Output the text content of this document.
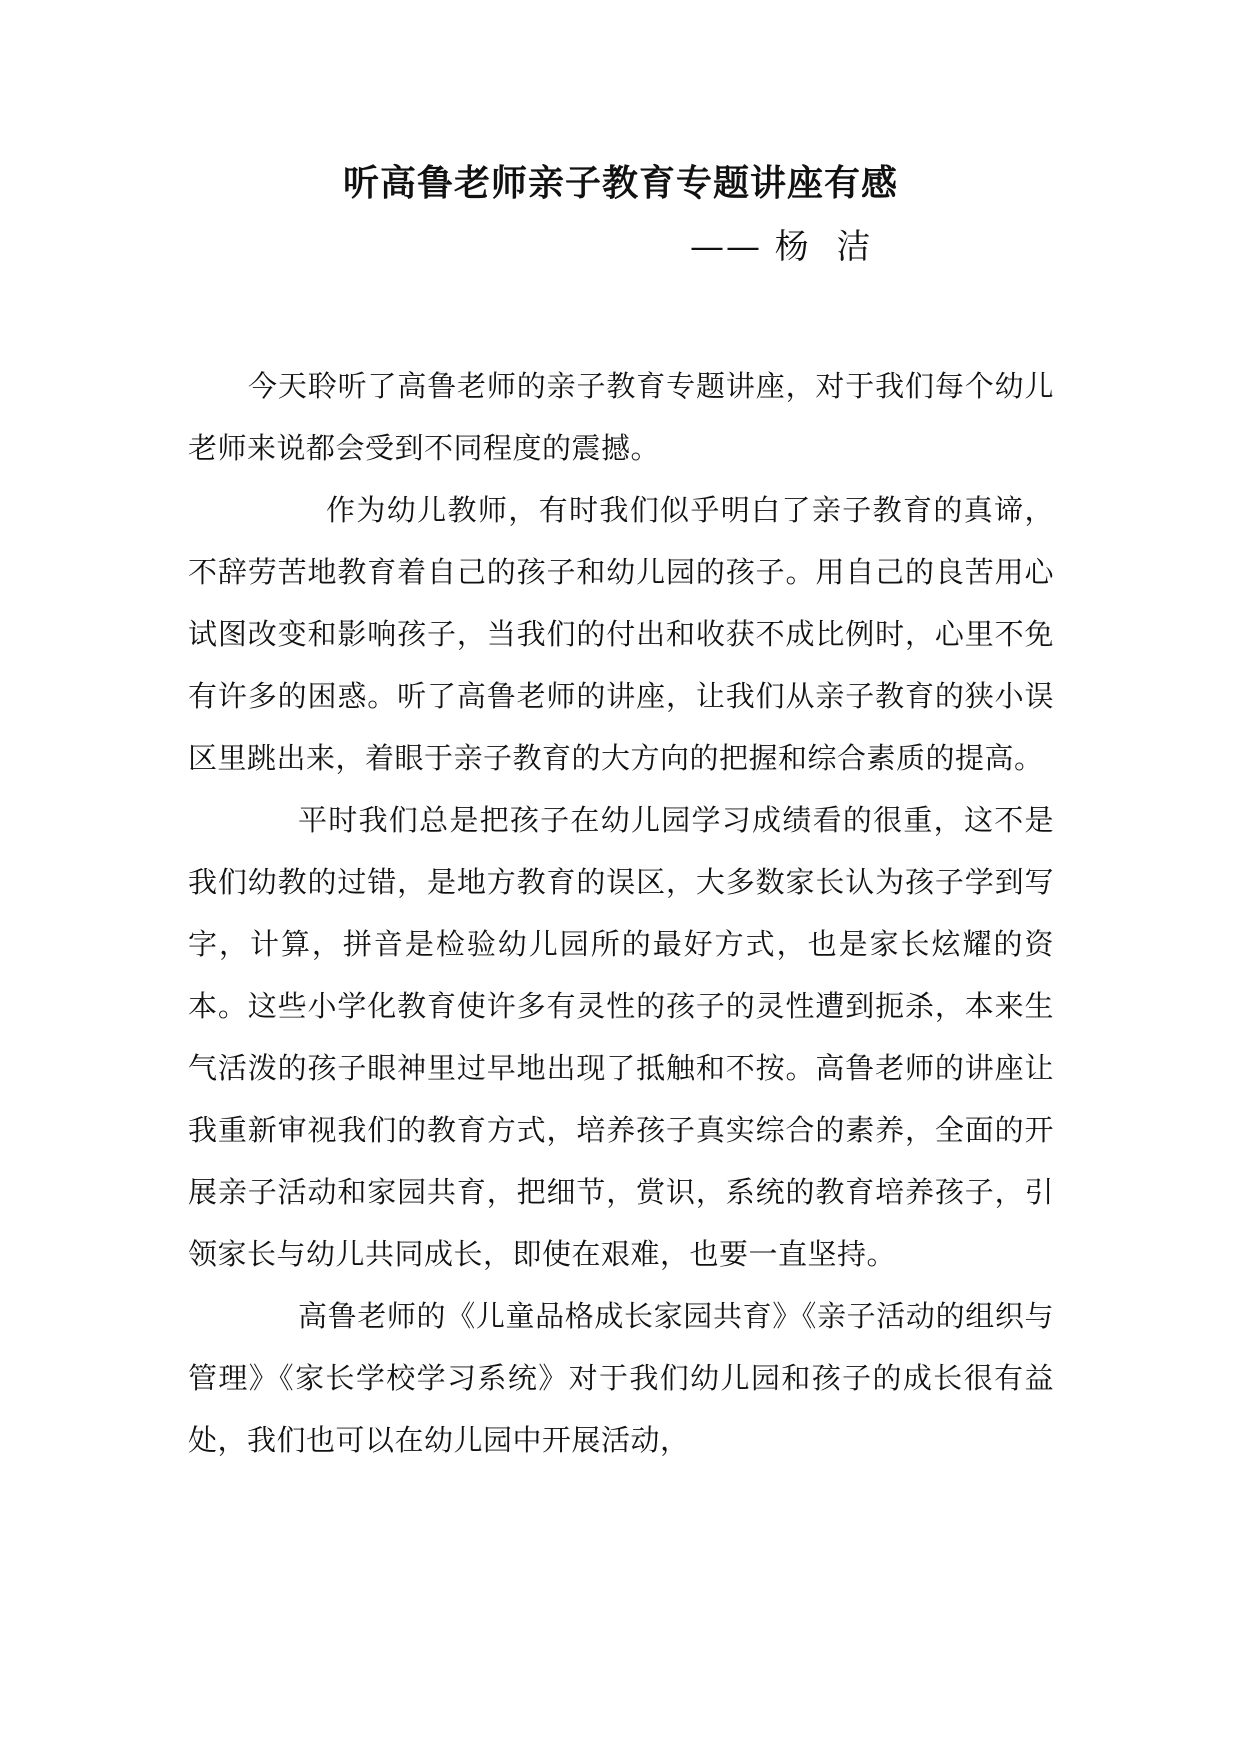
听高鲁老师亲子教育专题讲座有感
—— 杨  洁

今天聆听了高鲁老师的亲子教育专题讲座，对于我们每个幼儿老师来说都会受到不同程度的震撼。

作为幼儿教师，有时我们似乎明白了亲子教育的真谛，不辞劳苦地教育着自己的孩子和幼儿园的孩子。用自己的良苦用心试图改变和影响孩子，当我们的付出和收获不成比例时，心里不免有许多的困惑。听了高鲁老师的讲座，让我们从亲子教育的狭小误区里跳出来，着眼于亲子教育的大方向的把握和综合素质的提高。

平时我们总是把孩子在幼儿园学习成绩看的很重，这不是我们幼教的过错，是地方教育的误区，大多数家长认为孩子学到写字，计算，拼音是检验幼儿园所的最好方式，也是家长炫耀的资本。这些小学化教育使许多有灵性的孩子的灵性遭到扼杀，本来生气活泼的孩子眼神里过早地出现了抵触和不按。高鲁老师的讲座让我重新审视我们的教育方式，培养孩子真实综合的素养，全面的开展亲子活动和家园共育，把细节，赏识，系统的教育培养孩子，引领家长与幼儿共同成长，即使在艰难，也要一直坚持。

高鲁老师的《儿童品格成长家园共育》《亲子活动的组织与管理》《家长学校学习系统》对于我们幼儿园和孩子的成长很有益处，我们也可以在幼儿园中开展活动，
